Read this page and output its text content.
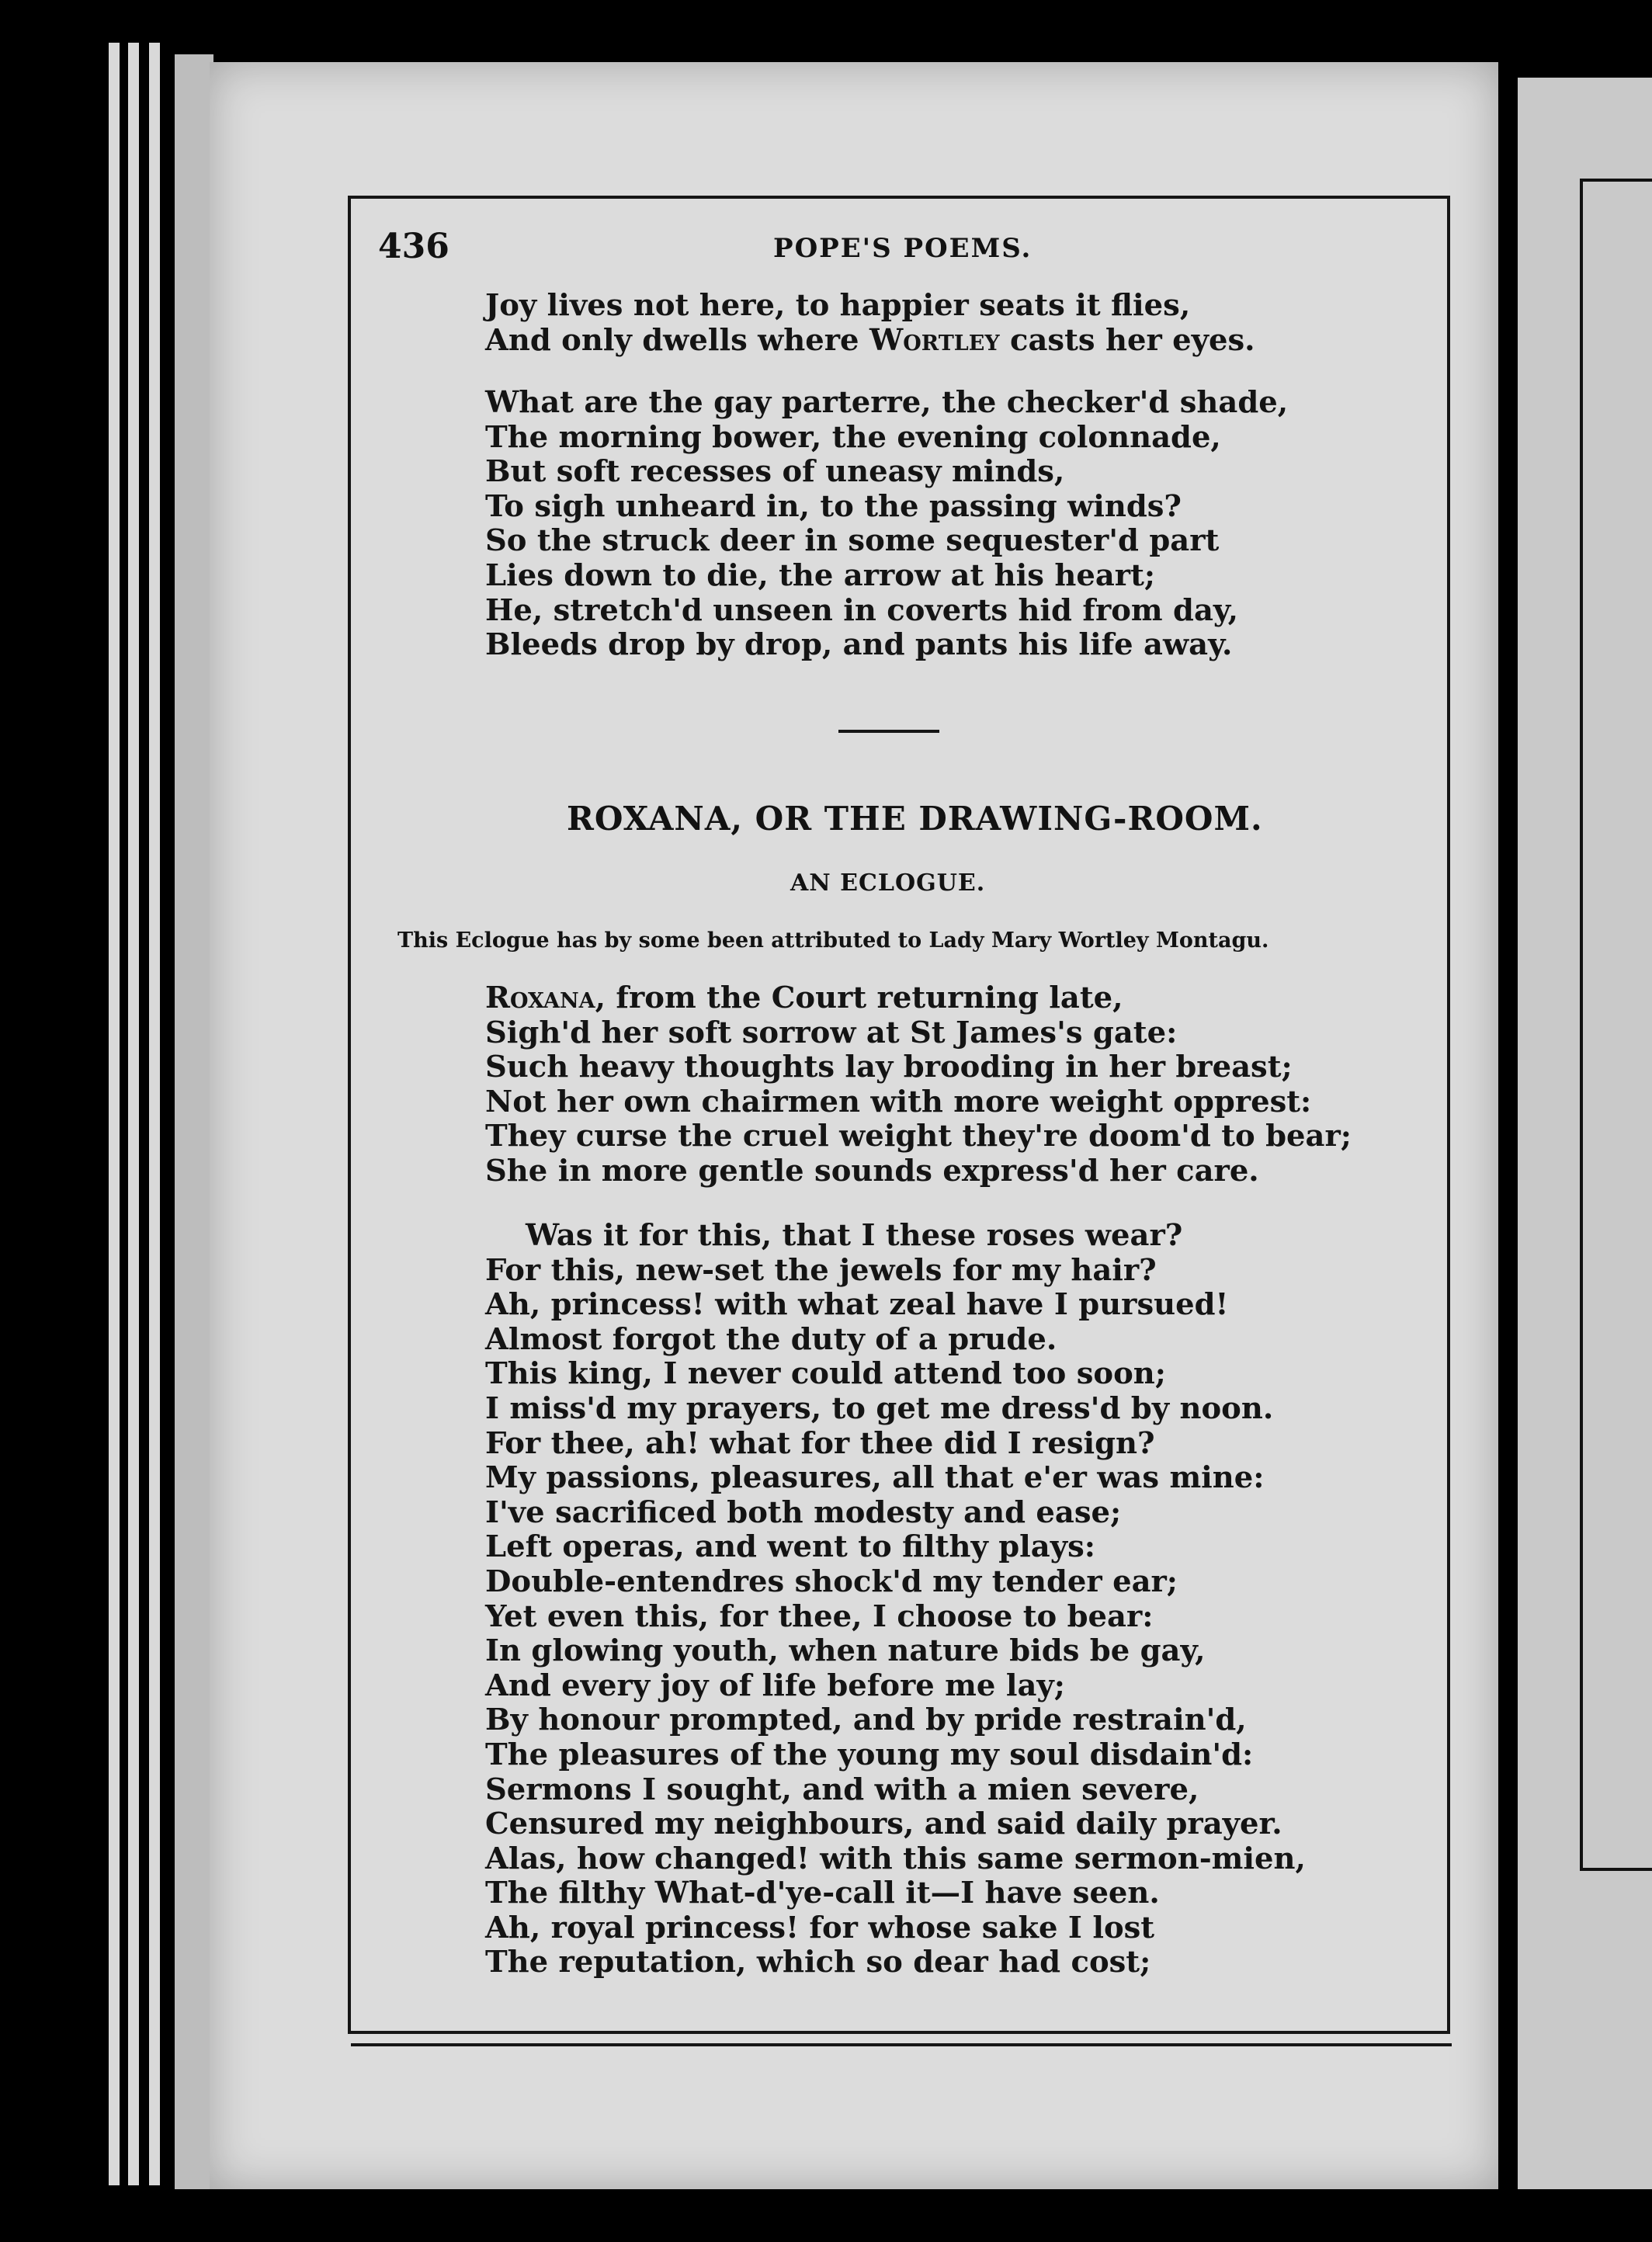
436	POPE'S POEMS.
Joy lives not here, to happier seats it flies,
And only dwells where Wortley casts her eyes.
What are the gay parterre, the checker'd shade,
The morning bower, the evening colonnade,
But soft recesses of uneasy minds,
To sigh unheard in, to the passing winds?
So the struck deer in some sequester'd part
Lies down to die, the arrow at his heart;
He, stretch'd unseen in coverts hid from day,
Bleeds drop by drop, and pants his life away.
ROXANA, OR THE DRAWING-ROOM.
AN ECLOGUE.
This Eclogue has by some been attributed to Lady Mary Wortley Montagu.
Roxana, from the Court returning late,
Sigh'd her soft sorrow at St James's gate:
Such heavy thoughts lay brooding in her breast;
Not her own chairmen with more weight opprest:
They curse the cruel weight they're doom'd to bear;
She in more gentle sounds express'd her care.
Was it for this, that I these roses wear?
For this, new-set the jewels for my hair?
Ah, princess! with what zeal have I pursued!
Almost forgot the duty of a prude.
This king, I never could attend too soon;
I miss'd my prayers, to get me dress'd by noon.
For thee, ah! what for thee did I resign?
My passions, pleasures, all that e'er was mine:
I've sacrificed both modesty and ease;
Left operas, and went to filthy plays:
Double-entendres shock'd my tender ear;
Yet even this, for thee, I choose to bear:
In glowing youth, when nature bids be gay,
And every joy of life before me lay;
By honour prompted, and by pride restrain'd,
The pleasures of the young my soul disdain'd:
Sermons I sought, and with a mien severe,
Censured my neighbours, and said daily prayer.
Alas, how changed! with this same sermon-mien,
The filthy What-d'ye-call it—I have seen.
Ah, royal princess! for whose sake I lost
The reputation, which so dear had cost;
